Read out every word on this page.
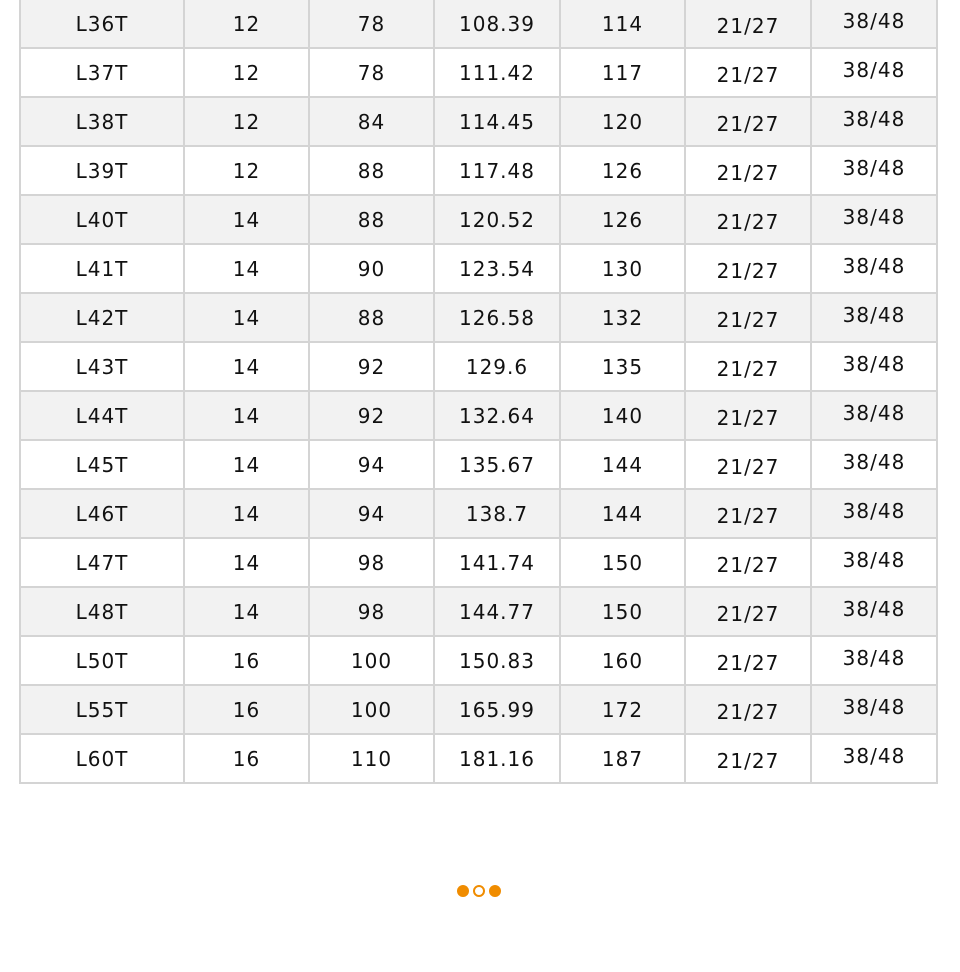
L36T	12	78	108.39	114	21/27	38/48
L37T	12	78	111.42	117	21/27	38/48
L38T	12	84	114.45	120	21/27	38/48
L39T	12	88	117.48	126	21/27	38/48
L40T	14	88	120.52	126	21/27	38/48
L41T	14	90	123.54	130	21/27	38/48
L42T	14	88	126.58	132	21/27	38/48
L43T	14	92	129.6	135	21/27	38/48
L44T	14	92	132.64	140	21/27	38/48
L45T	14	94	135.67	144	21/27	38/48
L46T	14	94	138.7	144	21/27	38/48
L47T	14	98	141.74	150	21/27	38/48
L48T	14	98	144.77	150	21/27	38/48
L50T	16	100	150.83	160	21/27	38/48
L55T	16	100	165.99	172	21/27	38/48
L60T	16	110	181.16	187	21/27	38/48
